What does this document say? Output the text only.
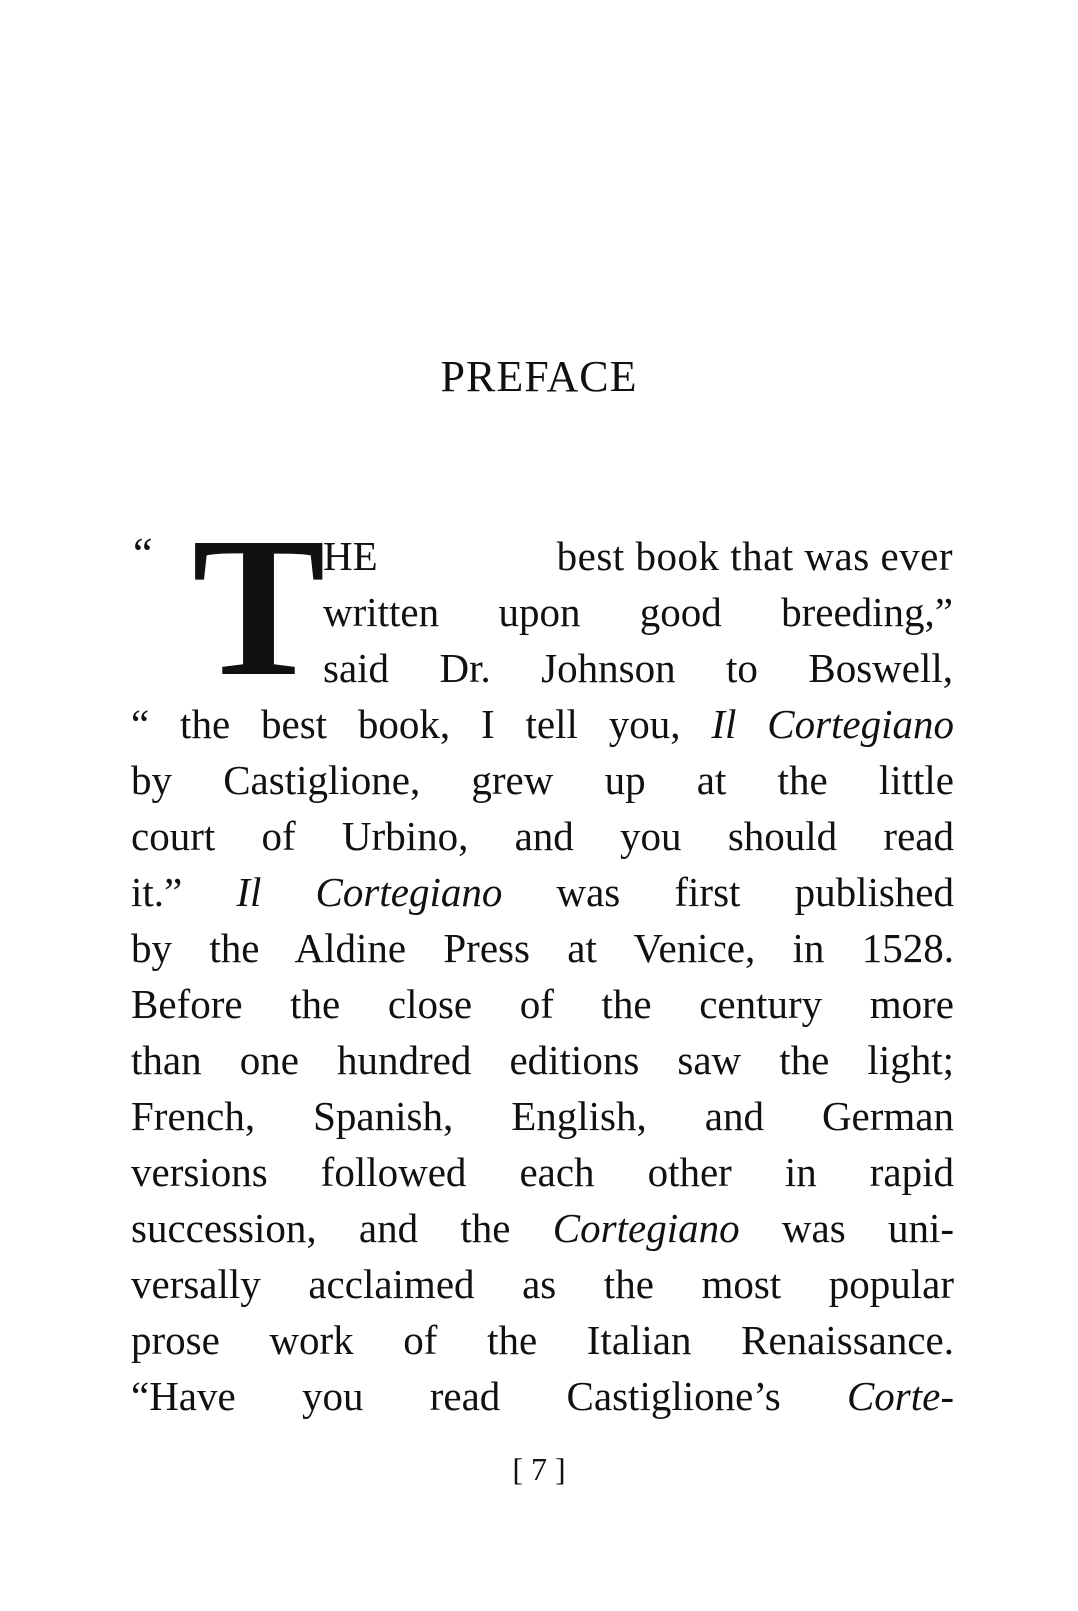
PREFACE
“ T
HE	best book that was ever
written upon good breeding,”
said Dr. Johnson to Boswell,
“ the best book, I tell you, Il Cortegiano
by Castiglione, grew up at the little
court of Urbino, and you should read
it.” Il Cortegiano was first published
by the Aldine Press at Venice, in 1528.
Before the close of the century more
than one hundred editions saw the light;
French, Spanish, English, and German
versions followed each other in rapid
succession, and the Cortegiano was uni-
versally acclaimed as the most popular
prose work of the Italian Renaissance.
“Have you read Castiglione’s Corte-
[ 7 ]
